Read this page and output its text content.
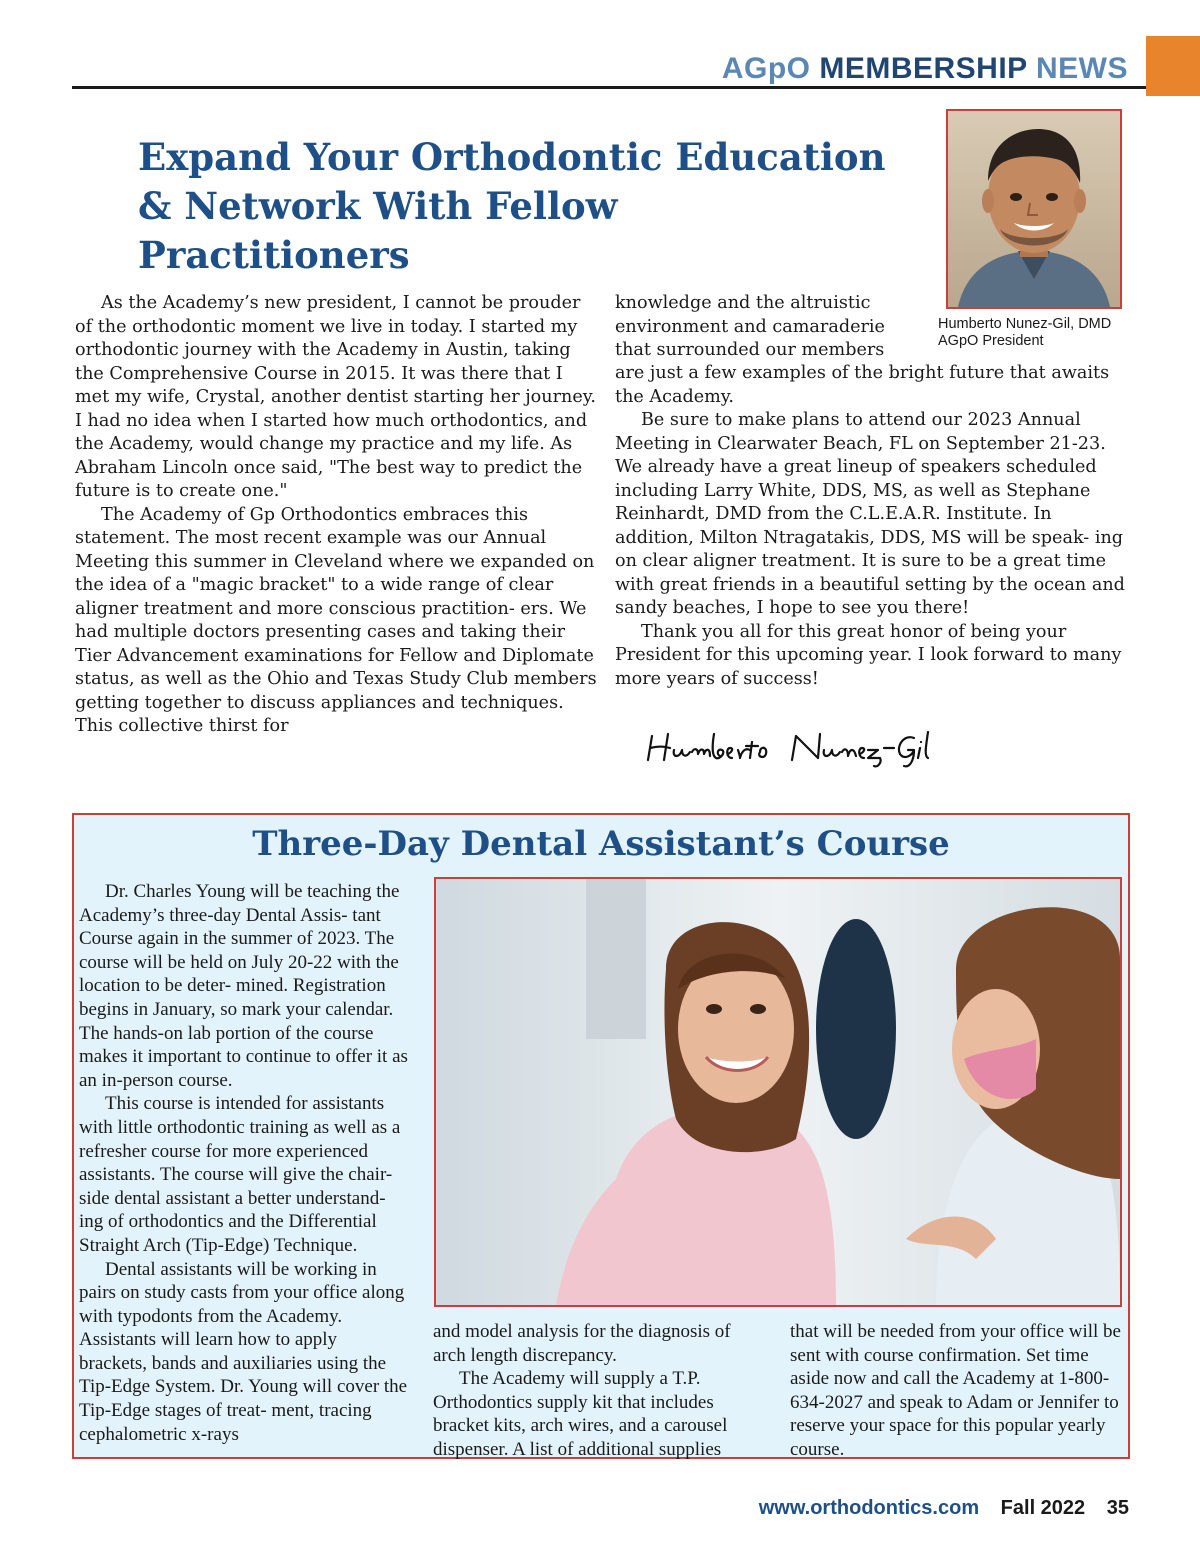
AGpO MEMBERSHIP NEWS
Expand Your Orthodontic Education
& Network With Fellow Practitioners
Humberto Nunez-Gil, DMD
AGpO President

As the Academy’s new president, I cannot be prouder of the orthodontic moment we live in today. I started my orthodontic journey with the Academy in Austin, taking the Comprehensive Course in 2015. It was there that I met my wife, Crystal, another dentist starting her journey. I had no idea when I started how much orthodontics, and the Academy, would change my practice and my life. As Abraham Lincoln once said, "The best way to predict the future is to create one."

The Academy of Gp Orthodontics embraces this statement. The most recent example was our Annual Meeting this summer in Cleveland where we expanded on the idea of a "magic bracket" to a wide range of clear aligner treatment and more conscious practition- ers. We had multiple doctors presenting cases and taking their Tier Advancement examinations for Fellow and Diplomate status, as well as the Ohio and Texas Study Club members getting together to discuss appliances and techniques. This collective thirst for

knowledge and the altruistic environment and camaraderie that surrounded our members

are just a few examples of the bright future that awaits the Academy.

Be sure to make plans to attend our 2023 Annual Meeting in Clearwater Beach, FL on September 21-23. We already have a great lineup of speakers scheduled including Larry White, DDS, MS, as well as Stephane Reinhardt, DMD from the C.L.E.A.R. Institute. In addition, Milton Ntragatakis, DDS, MS will be speak- ing on clear aligner treatment. It is sure to be a great time with great friends in a beautiful setting by the ocean and sandy beaches, I hope to see you there!

Thank you all for this great honor of being your President for this upcoming year. I look forward to many more years of success!

Three-Day Dental Assistant’s Course

Dr. Charles Young will be teaching the Academy’s three-day Dental Assis- tant Course again in the summer of 2023. The course will be held on July 20-22 with the location to be deter- mined. Registration begins in January, so mark your calendar. The hands-on lab portion of the course makes it important to continue to offer it as an in-person course.

This course is intended for assistants with little orthodontic training as well as a refresher course for more experienced assistants. The course will give the chair- side dental assistant a better understand- ing of orthodontics and the Differential Straight Arch (Tip-Edge) Technique.

Dental assistants will be working in pairs on study casts from your office along with typodonts from the Academy. Assistants will learn how to apply brackets, bands and auxiliaries using the Tip-Edge System. Dr. Young will cover the Tip-Edge stages of treat- ment, tracing cephalometric x-rays

and model analysis for the diagnosis of arch length discrepancy.

The Academy will supply a T.P. Orthodontics supply kit that includes bracket kits, arch wires, and a carousel dispenser. A list of additional supplies

that will be needed from your office will be sent with course confirmation. Set time aside now and call the Academy at 1-800-634-2027 and speak to Adam or Jennifer to reserve your space for this popular yearly course.

www.orthodontics.com Fall 2022 35
